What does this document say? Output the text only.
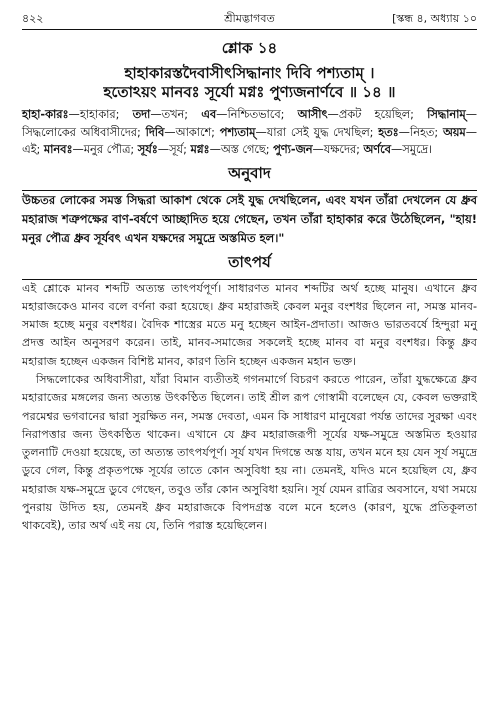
৪২২	শ্রীমদ্ভাগবত	[স্কন্ধ ৪, অধ্যায় ১০
শ্লোক ১৪
হাহাকারস্তদৈবাসীৎসিদ্ধানাং দিবি পশ্যতাম্ ।
হতোঽয়ং মানবঃ সূর্যো মগ্নঃ পুণ্যজনার্ণবে ॥ ১৪ ॥
হাহা-কারঃ—হাহাকার; তদা—তখন; এব—নিশ্চিতভাবে; আসীৎ—প্রকট হয়েছিল; সিদ্ধানাম্—সিদ্ধলোকের অধিবাসীদের; দিবি—আকাশে; পশ্যতাম্—যারা সেই যুদ্ধ দেখছিল; হতঃ—নিহত; অয়ম—এই; মানবঃ—মনুর পৌত্র; সূর্যঃ—সূর্য; মগ্নঃ—অস্ত গেছে; পুণ্য-জন—যক্ষদের; অর্ণবে—সমুদ্রে।
অনুবাদ
উচ্চতর লোকের সমস্ত সিদ্ধরা আকাশ থেকে সেই যুদ্ধ দেখছিলেন, এবং যখন তাঁরা দেখলেন যে ধ্রুব মহারাজ শত্রুপক্ষের বাণ-বর্ষণে আচ্ছাদিত হয়ে গেছেন, তখন তাঁরা হাহাকার করে উঠেছিলেন, "হায়! মনুর পৌত্র ধ্রুব সূর্যবৎ এখন যক্ষদের সমুদ্রে অস্তমিত হল।"
তাৎপর্য

এই শ্লোকে মানব শব্দটি অত্যন্ত তাৎপর্যপূর্ণ। সাধারণত মানব শব্দটির অর্থ হচ্ছে মানুষ। এখানে ধ্রুব মহারাজকেও মানব বলে বর্ণনা করা হয়েছে। ধ্রুব মহারাজই কেবল মনুর বংশধর ছিলেন না, সমস্ত মানব-সমাজ হচ্ছে মনুর বংশধর। বৈদিক শাস্ত্রের মতে মনু হচ্ছেন আইন-প্রদাতা। আজও ভারতবর্ষে হিন্দুরা মনু প্রদত্ত আইন অনুসরণ করেন। তাই, মানব-সমাজের সকলেই হচ্ছে মানব বা মনুর বংশধর। কিন্তু ধ্রুব মহারাজ হচ্ছেন একজন বিশিষ্ট মানব, কারণ তিনি হচ্ছেন একজন মহান ভক্ত।

সিদ্ধলোকের অধিবাসীরা, যাঁরা বিমান ব্যতীতই গগনমার্গে বিচরণ করতে পারেন, তাঁরা যুদ্ধক্ষেত্রে ধ্রুব মহারাজের মঙ্গলের জন্য অত্যন্ত উৎকণ্ঠিত ছিলেন। তাই শ্রীল রূপ গোস্বামী বলেছেন যে, কেবল ভক্তরাই পরমেশ্বর ভগবানের দ্বারা সুরক্ষিত নন, সমস্ত দেবতা, এমন কি সাধারণ মানুষেরা পর্যন্ত তাদের সুরক্ষা এবং নিরাপত্তার জন্য উৎকণ্ঠিত থাকেন। এখানে যে ধ্রুব মহারাজরূপী সূর্যের যক্ষ-সমুদ্রে অস্তমিত হওয়ার তুলনাটি দেওয়া হয়েছে, তা অত্যন্ত তাৎপর্যপূর্ণ। সূর্য যখন দিগন্তে অস্ত যায়, তখন মনে হয় যেন সূর্য সমুদ্রে ডুবে গেল, কিন্তু প্রকৃতপক্ষে সূর্যের তাতে কোন অসুবিধা হয় না। তেমনই, যদিও মনে হয়েছিল যে, ধ্রুব মহারাজ যক্ষ-সমুদ্রে ডুবে গেছেন, তবুও তাঁর কোন অসুবিধা হয়নি। সূর্য যেমন রাত্রির অবসানে, যথা সময়ে পুনরায় উদিত হয়, তেমনই ধ্রুব মহারাজকে বিপদগ্রস্ত বলে মনে হলেও (কারণ, যুদ্ধে প্রতিকূলতা থাকবেই), তার অর্থ এই নয় যে, তিনি পরাস্ত হয়েছিলেন।
